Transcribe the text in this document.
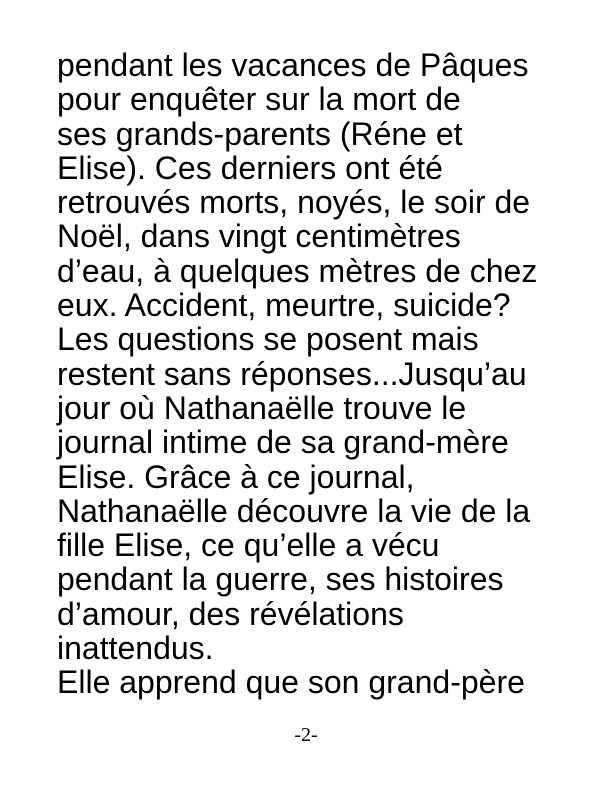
pendant les vacances de Pâques
pour enquêter sur la mort de
ses grands-parents (Réne et
Elise). Ces derniers ont été
retrouvés morts, noyés, le soir de
Noël, dans vingt centimètres
d’eau, à quelques mètres de chez
eux. Accident, meurtre, suicide?
Les questions se posent mais
restent sans réponses...Jusqu’au
jour où Nathanaëlle trouve le
journal intime de sa grand-mère
Elise. Grâce à ce journal,
Nathanaëlle découvre la vie de la
fille Elise, ce qu’elle a vécu
pendant la guerre, ses histoires
d’amour, des révélations
inattendus.
Elle apprend que son grand-père
-2-
